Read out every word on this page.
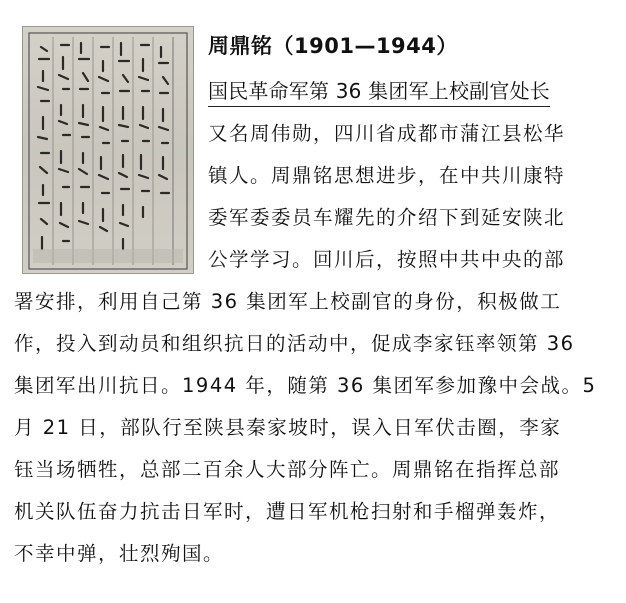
周鼎铭（1901—1944）
国民革命军第 36 集团军上校副官处长
又名周伟勋，四川省成都市蒲江县松华
镇人。周鼎铭思想进步，在中共川康特
委军委委员车耀先的介绍下到延安陕北
公学学习。回川后，按照中共中央的部
署安排，利用自己第 36 集团军上校副官的身份，积极做工
作，投入到动员和组织抗日的活动中，促成李家钰率领第 36
集团军出川抗日。1944 年，随第 36 集团军参加豫中会战。5
月 21 日，部队行至陕县秦家坡时，误入日军伏击圈，李家
钰当场牺牲，总部二百余人大部分阵亡。周鼎铭在指挥总部
机关队伍奋力抗击日军时，遭日军机枪扫射和手榴弹轰炸，
不幸中弹，壮烈殉国。
